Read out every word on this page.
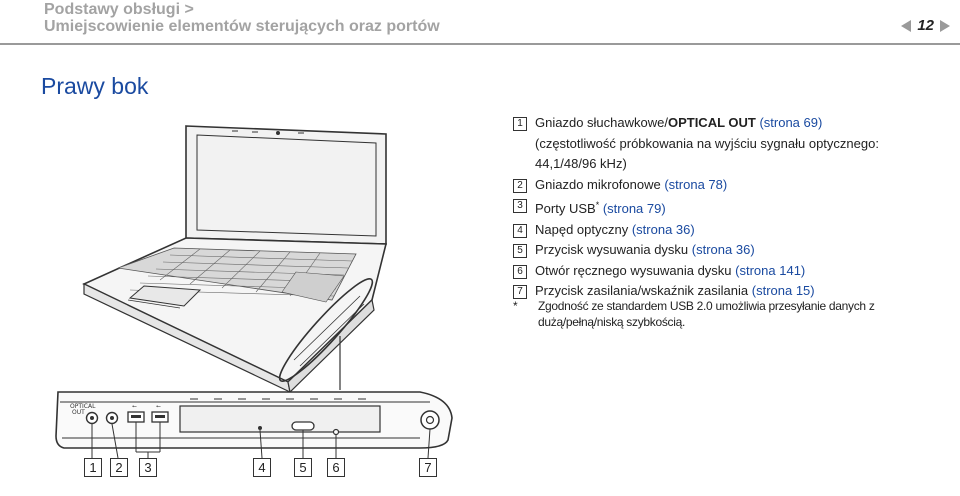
Podstawy obsługi >
Umiejscowienie elementów sterujących oraz portów	12
Prawy bok
⭠	⭠
OPTICAL
OUT
1 Gniazdo słuchawkowe/OPTICAL OUT (strona 69)
(częstotliwość próbkowania na wyjściu sygnału optycznego:
44,1/48/96 kHz)
2 Gniazdo mikrofonowe (strona 78)
3 Porty USB* (strona 79)
4 Napęd optyczny (strona 36)
5 Przycisk wysuwania dysku (strona 36)
6 Otwór ręcznego wysuwania dysku (strona 141)
7 Przycisk zasilania/wskaźnik zasilania (strona 15)
* Zgodność ze standardem USB 2.0 umożliwia przesyłanie danych z dużą/pełną/niską szybkością.
1	2	3	4	5	6	7
